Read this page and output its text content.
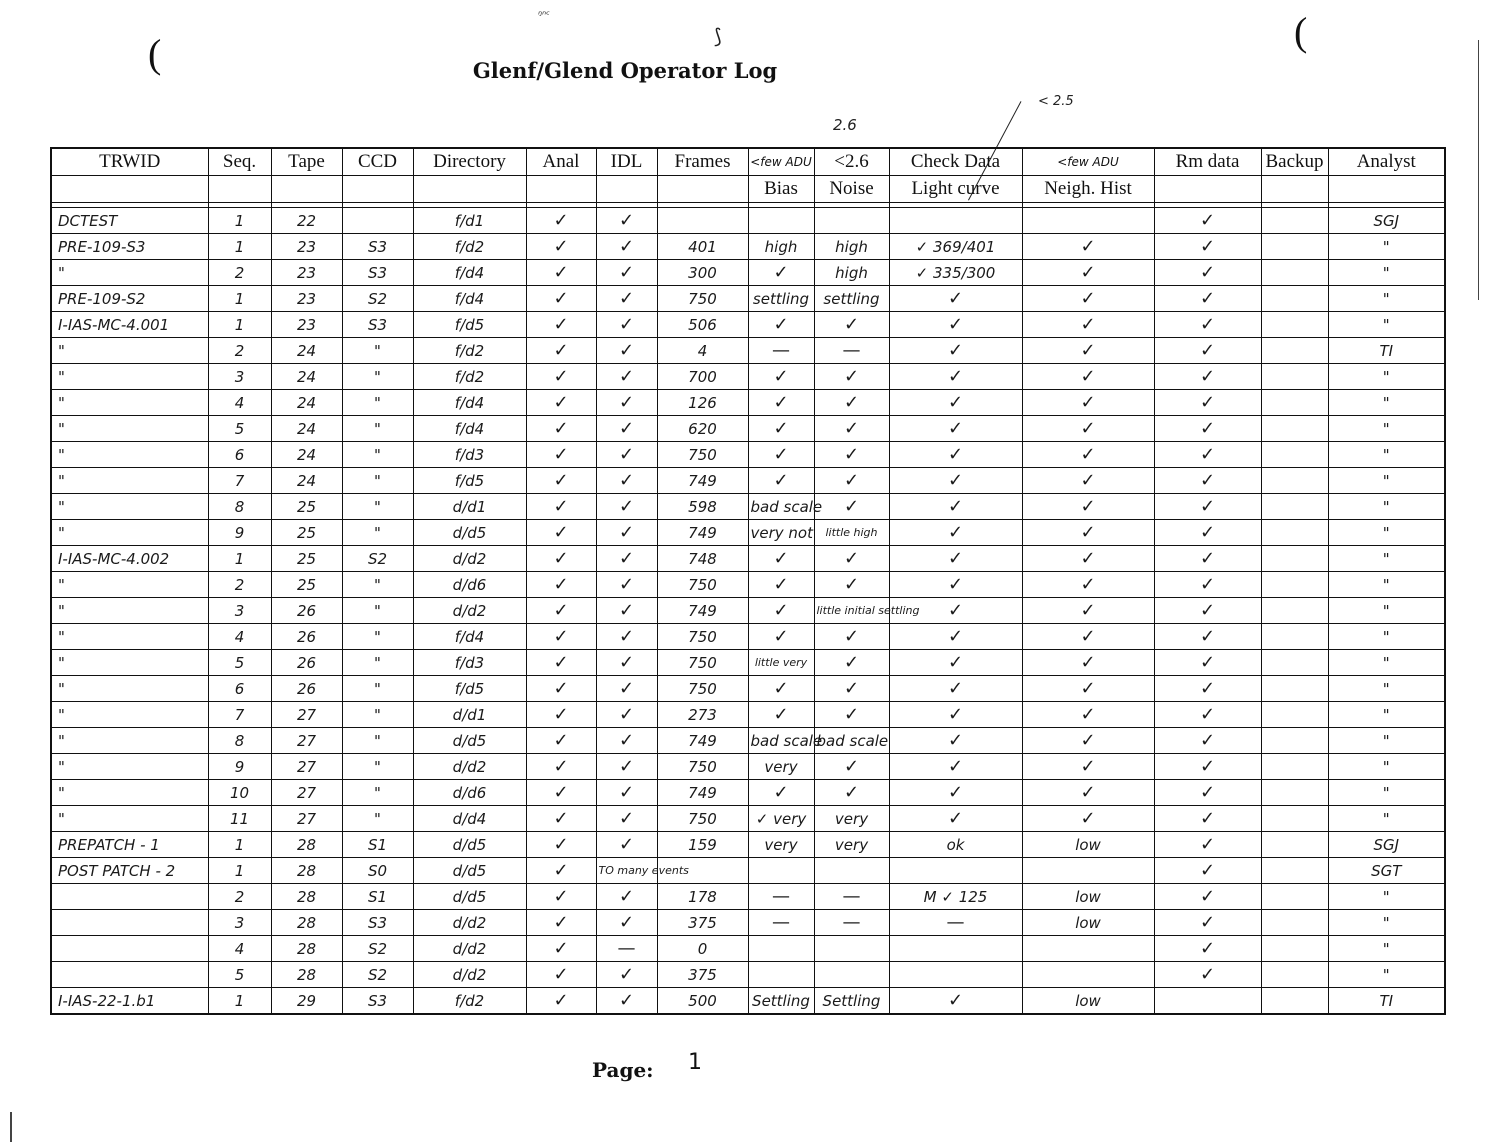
(	(
ᵑⁿᶜ
⟆
Glenf/Glend Operator Log
2.6
< 2.5
TRWID	Seq.	Tape	CCD	Directory	Anal	IDL	Frames	<few ADU	<2.6	Check Data	<few ADU	Rm data	Backup	Analyst
								Bias	Noise	Light curve	Neigh. Hist			

DCTEST	1	22		f/d1	✓	✓						✓		SGJ
PRE-109-S3	1	23	S3	f/d2	✓	✓	401	high	high	✓ 369/401	✓	✓		"
"	2	23	S3	f/d4	✓	✓	300	✓	high	✓ 335/300	✓	✓		"
PRE-109-S2	1	23	S2	f/d4	✓	✓	750	settling	settling	✓	✓	✓		"
I-IAS-MC-4.001	1	23	S3	f/d5	✓	✓	506	✓	✓	✓	✓	✓		"
"	2	24	"	f/d2	✓	✓	4	—	—	✓	✓	✓		TI
"	3	24	"	f/d2	✓	✓	700	✓	✓	✓	✓	✓		"
"	4	24	"	f/d4	✓	✓	126	✓	✓	✓	✓	✓		"
"	5	24	"	f/d4	✓	✓	620	✓	✓	✓	✓	✓		"
"	6	24	"	f/d3	✓	✓	750	✓	✓	✓	✓	✓		"
"	7	24	"	f/d5	✓	✓	749	✓	✓	✓	✓	✓		"
"	8	25	"	d/d1	✓	✓	598	bad scale	✓	✓	✓	✓		"
"	9	25	"	d/d5	✓	✓	749	very not	little high	✓	✓	✓		"
I-IAS-MC-4.002	1	25	S2	d/d2	✓	✓	748	✓	✓	✓	✓	✓		"
"	2	25	"	d/d6	✓	✓	750	✓	✓	✓	✓	✓		"
"	3	26	"	d/d2	✓	✓	749	✓	little initial settling	✓	✓	✓		"
"	4	26	"	f/d4	✓	✓	750	✓	✓	✓	✓	✓		"
"	5	26	"	f/d3	✓	✓	750	little very	✓	✓	✓	✓		"
"	6	26	"	f/d5	✓	✓	750	✓	✓	✓	✓	✓		"
"	7	27	"	d/d1	✓	✓	273	✓	✓	✓	✓	✓		"
"	8	27	"	d/d5	✓	✓	749	bad scale	bad scale	✓	✓	✓		"
"	9	27	"	d/d2	✓	✓	750	very	✓	✓	✓	✓		"
"	10	27	"	d/d6	✓	✓	749	✓	✓	✓	✓	✓		"
"	11	27	"	d/d4	✓	✓	750	✓ very	very	✓	✓	✓		"
PREPATCH - 1	1	28	S1	d/d5	✓	✓	159	very	very	ok	low	✓		SGJ
POST PATCH - 2	1	28	S0	d/d5	✓	TO many events						✓		SGT
	2	28	S1	d/d5	✓	✓	178	—	—	M ✓ 125	low	✓		"
	3	28	S3	d/d2	✓	✓	375	—	—	—	low	✓		"
	4	28	S2	d/d2	✓	—	0					✓		"
	5	28	S2	d/d2	✓	✓	375					✓		"
I-IAS-22-1.b1	1	29	S3	f/d2	✓	✓	500	Settling	Settling	✓	low			TI
Page: 1
